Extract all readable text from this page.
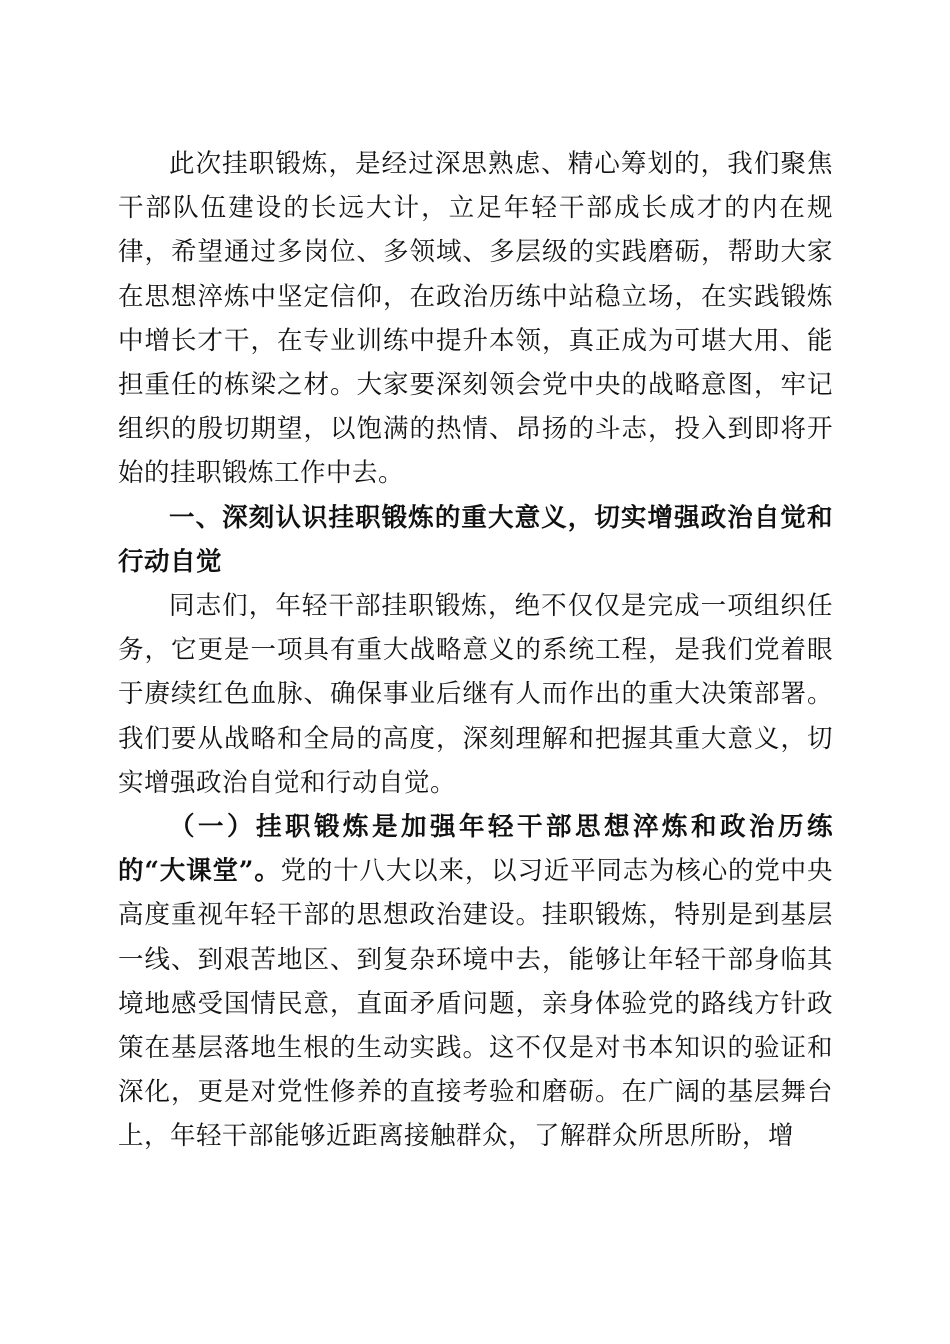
此次挂职锻炼，是经过深思熟虑、精心筹划的，我们聚焦干部队伍建设的长远大计，立足年轻干部成长成才的内在规律，希望通过多岗位、多领域、多层级的实践磨砺，帮助大家在思想淬炼中坚定信仰，在政治历练中站稳立场，在实践锻炼中增长才干，在专业训练中提升本领，真正成为可堪大用、能担重任的栋梁之材。大家要深刻领会党中央的战略意图，牢记组织的殷切期望，以饱满的热情、昂扬的斗志，投入到即将开始的挂职锻炼工作中去。

一、深刻认识挂职锻炼的重大意义，切实增强政治自觉和行动自觉

同志们，年轻干部挂职锻炼，绝不仅仅是完成一项组织任务，它更是一项具有重大战略意义的系统工程，是我们党着眼于赓续红色血脉、确保事业后继有人而作出的重大决策部署。我们要从战略和全局的高度，深刻理解和把握其重大意义，切实增强政治自觉和行动自觉。

（一）挂职锻炼是加强年轻干部思想淬炼和政治历练的“大课堂”。党的十八大以来，以习近平同志为核心的党中央高度重视年轻干部的思想政治建设。挂职锻炼，特别是到基层一线、到艰苦地区、到复杂环境中去，能够让年轻干部身临其境地感受国情民意，直面矛盾问题，亲身体验党的路线方针政策在基层落地生根的生动实践。这不仅是对书本知识的验证和深化，更是对党性修养的直接考验和磨砺。在广阔的基层舞台上，年轻干部能够近距离接触群众，了解群众所思所盼，增
